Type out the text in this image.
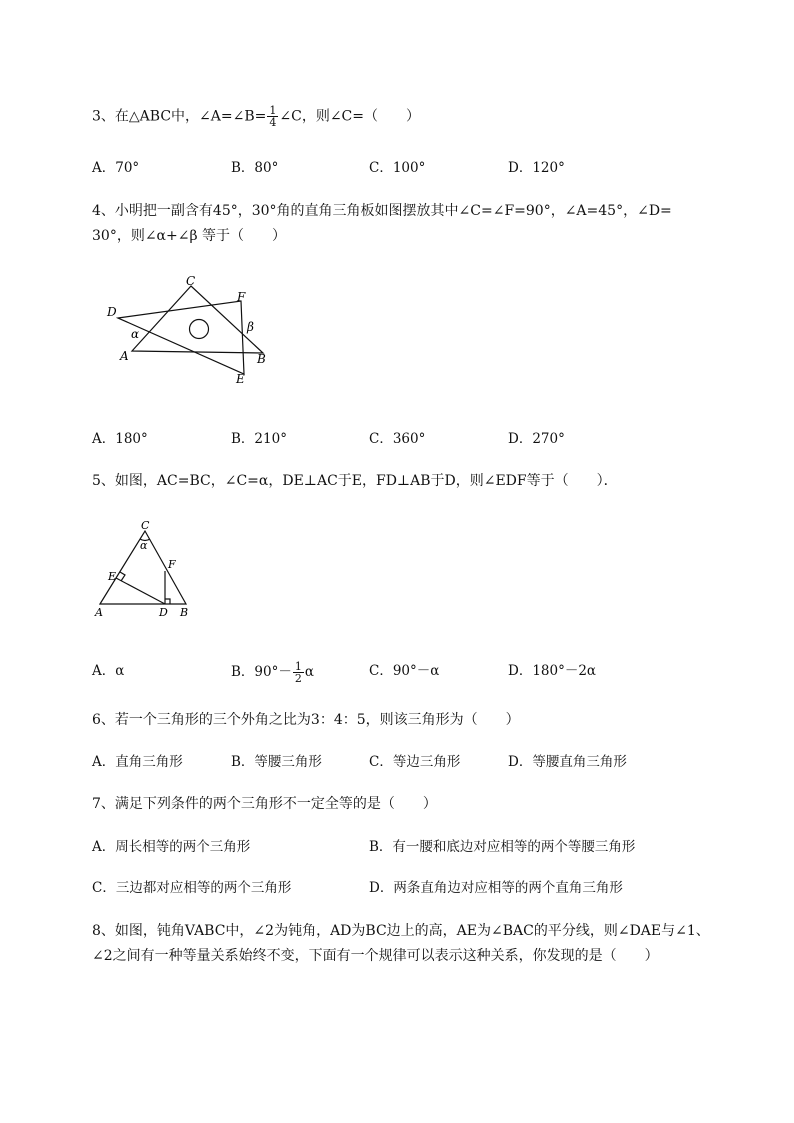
3、在△ABC中，∠A=∠B= $\frac{1}{4}$ ∠C，则∠C=（　　）
A．70°	B．80°	C．100°	D．120°
4、小明把一副含有45°，30°角的直角三角板如图摆放其中∠C=∠F=90°，∠A=45°，∠D=
30°，则∠α+∠β 等于（　　）
C
F
D
α	β
A	B
E
A．180°	B．210°	C．360°	D．270°
5、如图，AC=BC，∠C=α，DE⊥AC于E，FD⊥AB于D，则∠EDF等于（　　）．
C
α
E
F
A	D B
A．α	B．$90^\circ- \frac{1}{2}$ α	C．90°－α	D．180°－2α
6、若一个三角形的三个外角之比为3：4：5，则该三角形为（　　）
A．直角三角形	B．等腰三角形	C．等边三角形	D．等腰直角三角形
7、满足下列条件的两个三角形不一定全等的是（　　）
A．周长相等的两个三角形	B．有一腰和底边对应相等的两个等腰三角形
C．三边都对应相等的两个三角形	D．两条直角边对应相等的两个直角三角形
8、如图，钝角VABC中，∠2为钝角，AD为BC边上的高，AE为∠BAC的平分线，则∠DAE与∠1、
∠2之间有一种等量关系始终不变，下面有一个规律可以表示这种关系，你发现的是（　　）
